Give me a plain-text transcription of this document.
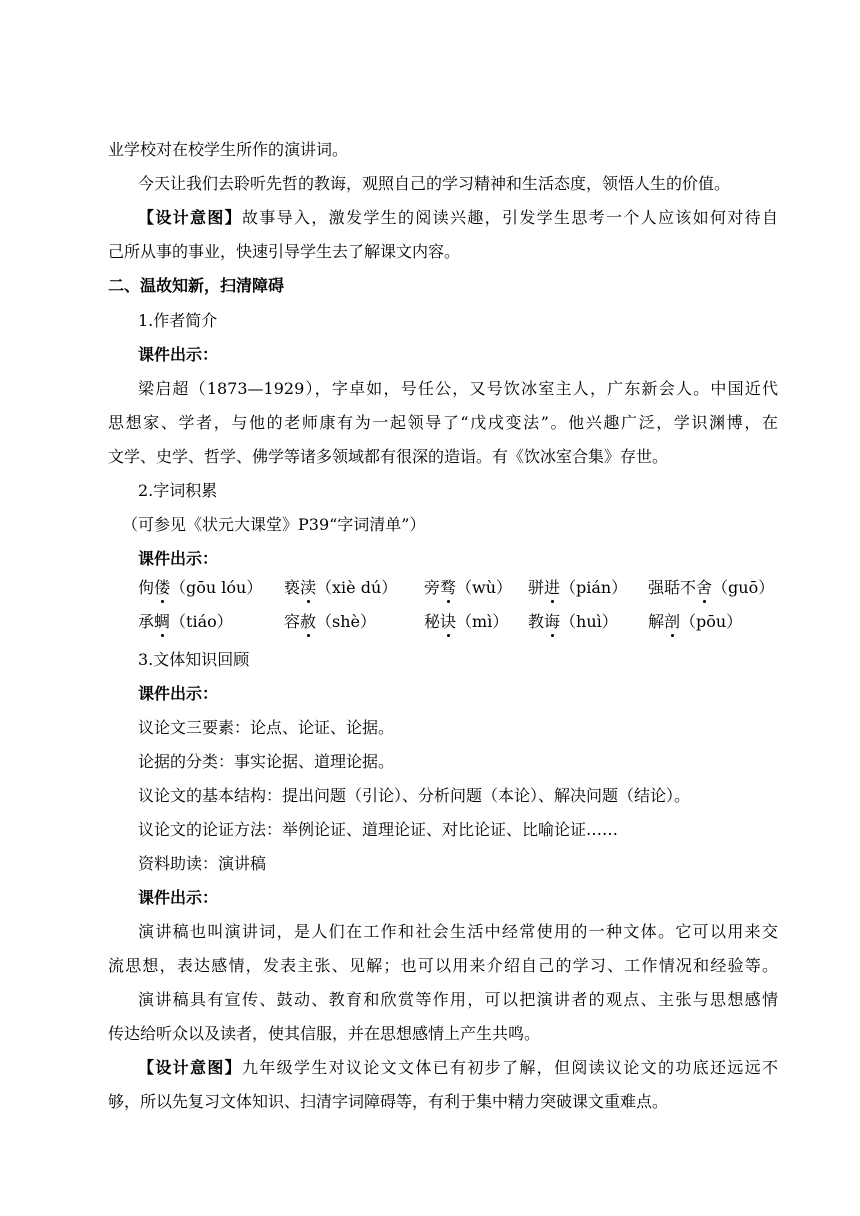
业学校对在校学生所作的演讲词。
今天让我们去聆听先哲的教诲，观照自己的学习精神和生活态度，领悟人生的价值。
【设计意图】故事导入，激发学生的阅读兴趣，引发学生思考一个人应该如何对待自
己所从事的事业，快速引导学生去了解课文内容。
二、温故知新，扫清障碍
1.作者简介
课件出示：
梁启超（1873—1929），字卓如，号任公，又号饮冰室主人，广东新会人。中国近代
思想家、学者，与他的老师康有为一起领导了“戊戌变法”。他兴趣广泛，学识渊博，在
文学、史学、哲学、佛学等诸多领域都有很深的造诣。有《饮冰室合集》存世。
2.字词积累
（可参见《状元大课堂》P39“字词清单”）
课件出示：
佝偻（gōu lóu） 亵渎（xiè dú） 旁骛（wù） 骈进（pián） 强聒不舍（guō）
承蜩（tiáo）	容赦（shè）	秘诀（mì） 教诲（huì） 解剖（pōu）
3.文体知识回顾
课件出示：
议论文三要素：论点、论证、论据。
论据的分类：事实论据、道理论据。
议论文的基本结构：提出问题（引论）、分析问题（本论）、解决问题（结论）。
议论文的论证方法：举例论证、道理论证、对比论证、比喻论证……
资料助读：演讲稿
课件出示：
演讲稿也叫演讲词，是人们在工作和社会生活中经常使用的一种文体。它可以用来交
流思想，表达感情，发表主张、见解；也可以用来介绍自己的学习、工作情况和经验等。
演讲稿具有宣传、鼓动、教育和欣赏等作用，可以把演讲者的观点、主张与思想感情
传达给听众以及读者，使其信服，并在思想感情上产生共鸣。
【设计意图】九年级学生对议论文文体已有初步了解，但阅读议论文的功底还远远不
够，所以先复习文体知识、扫清字词障碍等，有利于集中精力突破课文重难点。
